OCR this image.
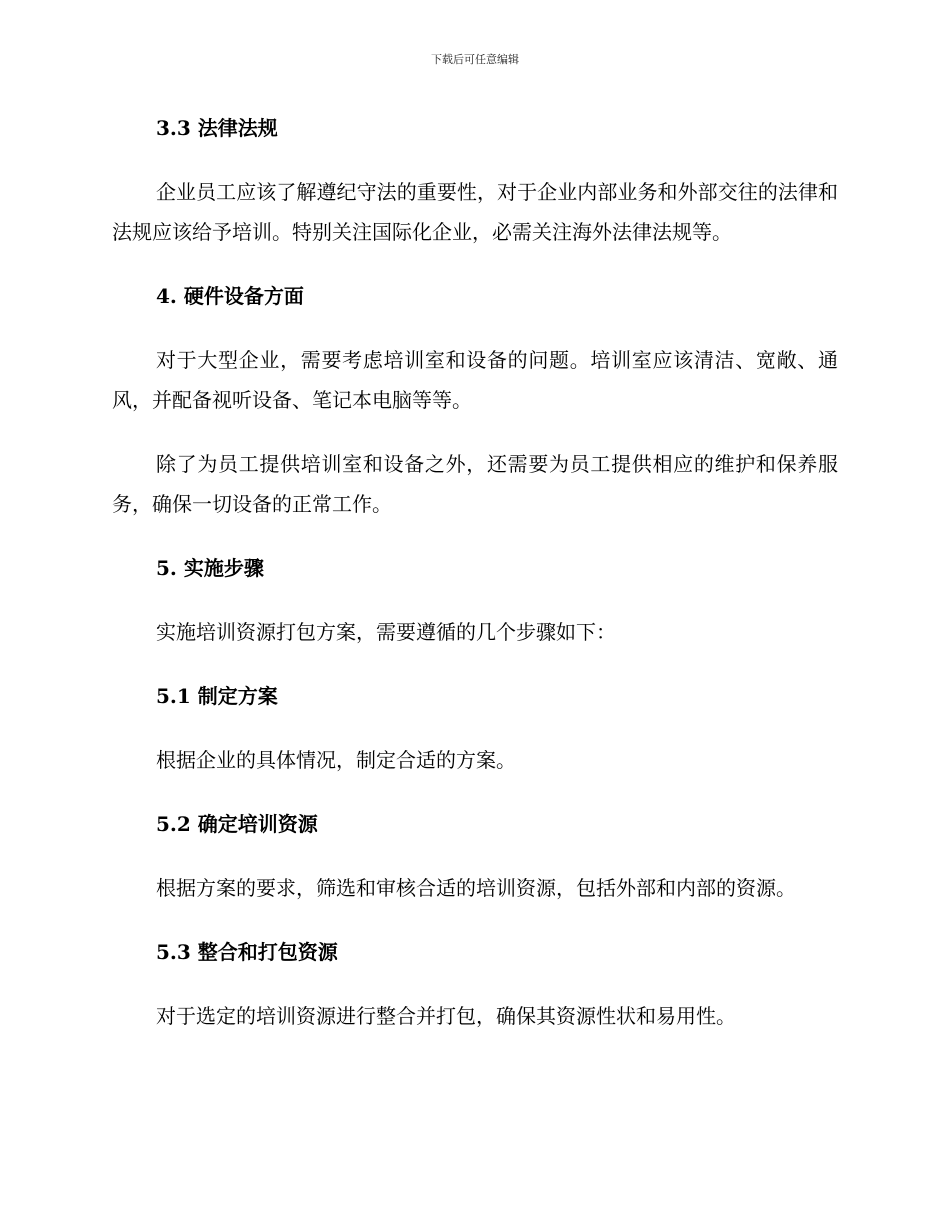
下载后可任意编辑
3.3 法律法规
企业员工应该了解遵纪守法的重要性，对于企业内部业务和外部交往的法律和法规应该给予培训。特别关注国际化企业，必需关注海外法律法规等。
4. 硬件设备方面
对于大型企业，需要考虑培训室和设备的问题。培训室应该清洁、宽敞、通风，并配备视听设备、笔记本电脑等等。
除了为员工提供培训室和设备之外，还需要为员工提供相应的维护和保养服务，确保一切设备的正常工作。
5. 实施步骤
实施培训资源打包方案，需要遵循的几个步骤如下：
5.1 制定方案
根据企业的具体情况，制定合适的方案。
5.2 确定培训资源
根据方案的要求，筛选和审核合适的培训资源，包括外部和内部的资源。
5.3 整合和打包资源
对于选定的培训资源进行整合并打包，确保其资源性状和易用性。
